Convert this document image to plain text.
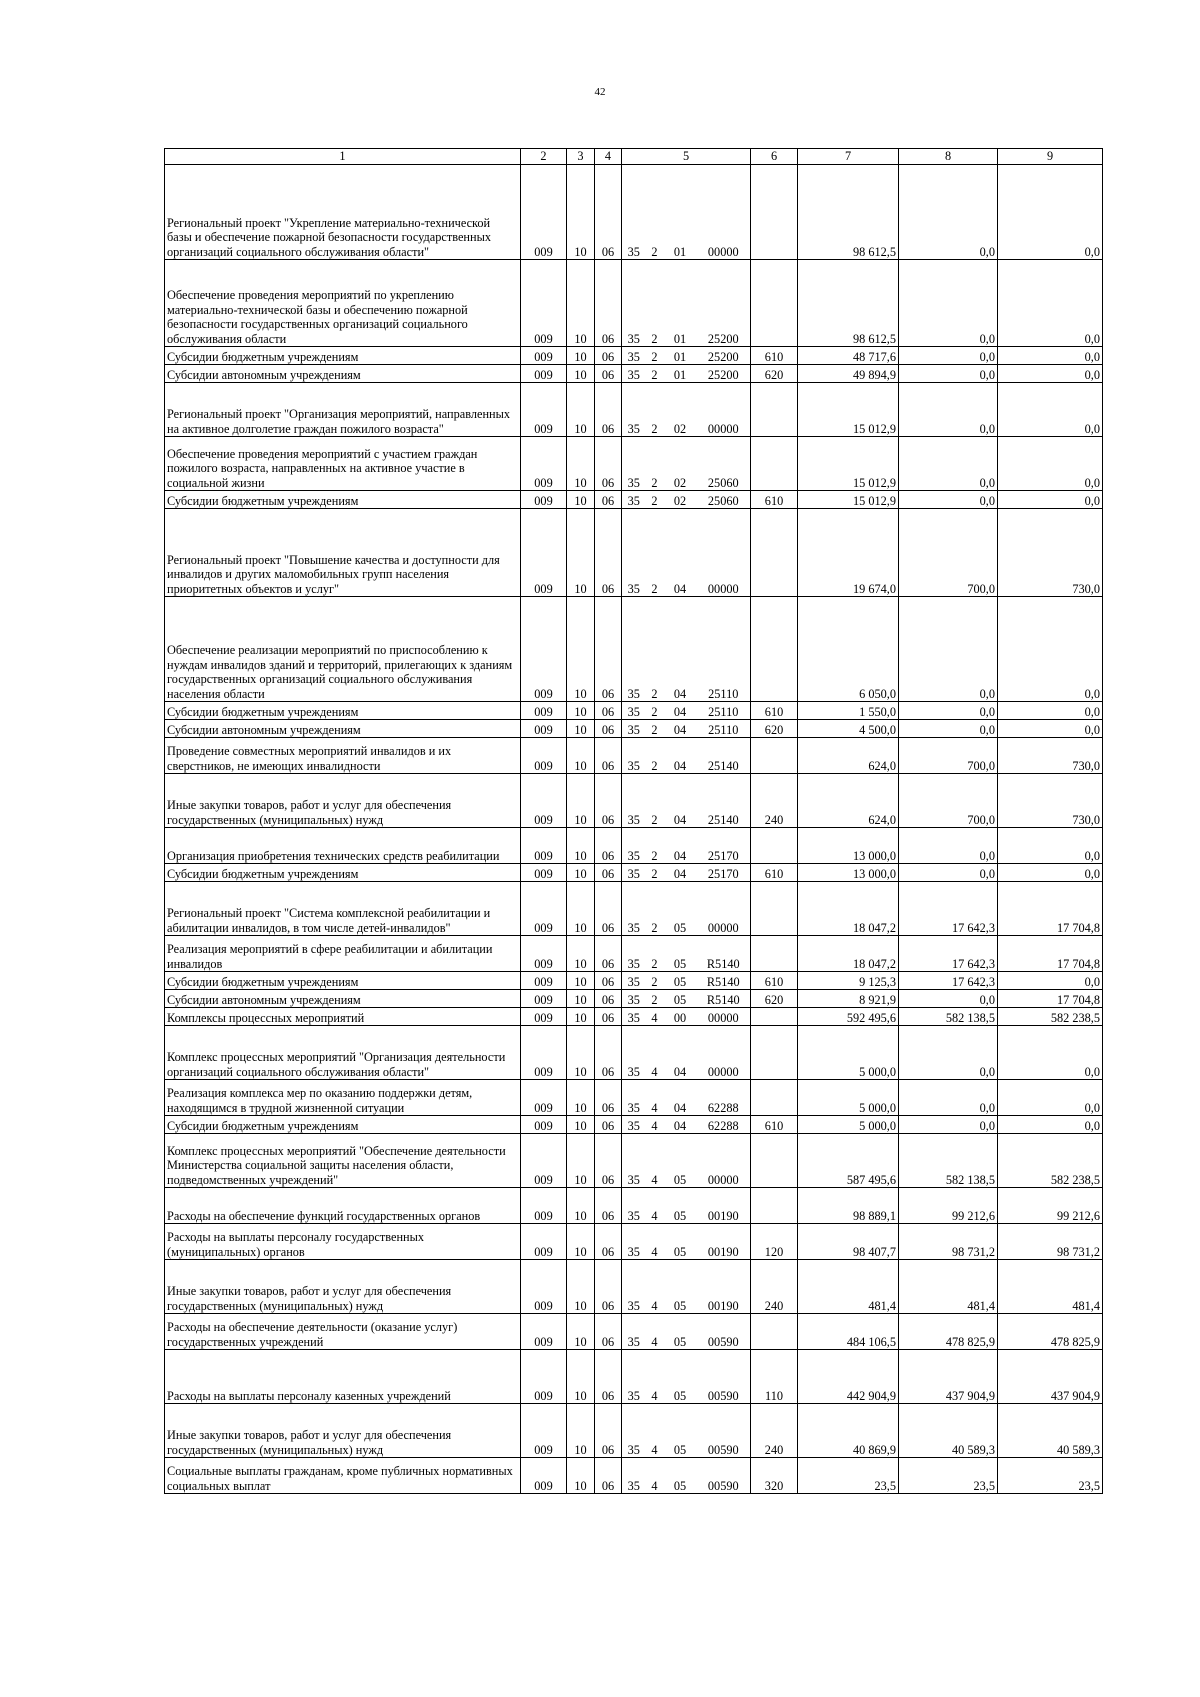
42
1	2	3	4	5				6	7	8	9
Региональный проект "Укрепление материально-технической базы и обеспечение пожарной безопасности государственных организаций социального обслуживания области"	009	10	06	35	2	01	00000		98 612,5	0,0	0,0
Обеспечение проведения мероприятий по укреплению материально-технической базы и обеспечению пожарной безопасности государственных организаций социального обслуживания области	009	10	06	35	2	01	25200		98 612,5	0,0	0,0
Субсидии бюджетным учреждениям	009	10	06	35	2	01	25200	610	48 717,6	0,0	0,0
Субсидии автономным учреждениям	009	10	06	35	2	01	25200	620	49 894,9	0,0	0,0
Региональный проект "Организация мероприятий, направленных на активное долголетие граждан пожилого возраста"	009	10	06	35	2	02	00000		15 012,9	0,0	0,0
Обеспечение проведения мероприятий с участием граждан пожилого возраста, направленных на активное участие в социальной жизни	009	10	06	35	2	02	25060		15 012,9	0,0	0,0
Субсидии бюджетным учреждениям	009	10	06	35	2	02	25060	610	15 012,9	0,0	0,0
Региональный проект "Повышение качества и доступности для инвалидов и других маломобильных групп населения приоритетных объектов и услуг"	009	10	06	35	2	04	00000		19 674,0	700,0	730,0
Обеспечение реализации мероприятий по приспособлению к нуждам инвалидов зданий и территорий, прилегающих к зданиям государственных организаций социального обслуживания населения области	009	10	06	35	2	04	25110		6 050,0	0,0	0,0
Субсидии бюджетным учреждениям	009	10	06	35	2	04	25110	610	1 550,0	0,0	0,0
Субсидии автономным учреждениям	009	10	06	35	2	04	25110	620	4 500,0	0,0	0,0
Проведение совместных мероприятий инвалидов и их сверстников, не имеющих инвалидности	009	10	06	35	2	04	25140		624,0	700,0	730,0
Иные закупки товаров, работ и услуг для обеспечения государственных (муниципальных) нужд	009	10	06	35	2	04	25140	240	624,0	700,0	730,0
Организация приобретения технических средств реабилитации	009	10	06	35	2	04	25170		13 000,0	0,0	0,0
Субсидии бюджетным учреждениям	009	10	06	35	2	04	25170	610	13 000,0	0,0	0,0
Региональный проект "Система комплексной реабилитации и абилитации инвалидов, в том числе детей-инвалидов"	009	10	06	35	2	05	00000		18 047,2	17 642,3	17 704,8
Реализация мероприятий в сфере реабилитации и абилитации инвалидов	009	10	06	35	2	05	R5140		18 047,2	17 642,3	17 704,8
Субсидии бюджетным учреждениям	009	10	06	35	2	05	R5140	610	9 125,3	17 642,3	0,0
Субсидии автономным учреждениям	009	10	06	35	2	05	R5140	620	8 921,9	0,0	17 704,8
Комплексы процессных мероприятий	009	10	06	35	4	00	00000		592 495,6	582 138,5	582 238,5
Комплекс процессных мероприятий "Организация деятельности организаций социального обслуживания области"	009	10	06	35	4	04	00000		5 000,0	0,0	0,0
Реализация комплекса мер по оказанию поддержки детям, находящимся в трудной жизненной ситуации	009	10	06	35	4	04	62288		5 000,0	0,0	0,0
Субсидии бюджетным учреждениям	009	10	06	35	4	04	62288	610	5 000,0	0,0	0,0
Комплекс процессных мероприятий "Обеспечение деятельности Министерства социальной защиты населения области, подведомственных учреждений"	009	10	06	35	4	05	00000		587 495,6	582 138,5	582 238,5
Расходы на обеспечение функций государственных органов	009	10	06	35	4	05	00190		98 889,1	99 212,6	99 212,6
Расходы на выплаты персоналу государственных (муниципальных) органов	009	10	06	35	4	05	00190	120	98 407,7	98 731,2	98 731,2
Иные закупки товаров, работ и услуг для обеспечения государственных (муниципальных) нужд	009	10	06	35	4	05	00190	240	481,4	481,4	481,4
Расходы на обеспечение деятельности (оказание услуг) государственных учреждений	009	10	06	35	4	05	00590		484 106,5	478 825,9	478 825,9
Расходы на выплаты персоналу казенных учреждений	009	10	06	35	4	05	00590	110	442 904,9	437 904,9	437 904,9
Иные закупки товаров, работ и услуг для обеспечения государственных (муниципальных) нужд	009	10	06	35	4	05	00590	240	40 869,9	40 589,3	40 589,3
Социальные выплаты гражданам, кроме публичных нормативных социальных выплат	009	10	06	35	4	05	00590	320	23,5	23,5	23,5
